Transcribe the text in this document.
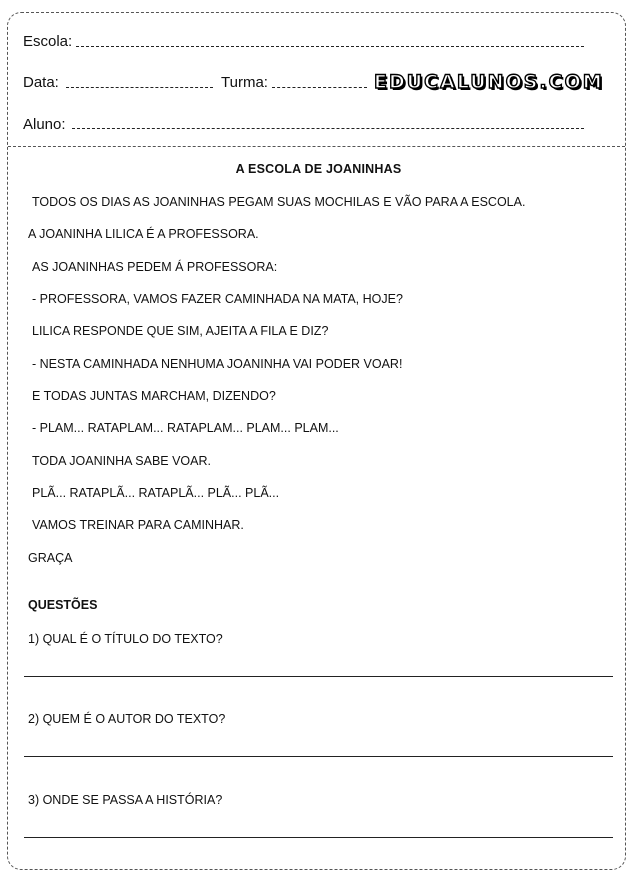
Escola:
Data:	Turma:	EDUCALUNOS.COM
Aluno:
A ESCOLA DE JOANINHAS
TODOS OS DIAS AS JOANINHAS PEGAM SUAS MOCHILAS E VÃO PARA A ESCOLA.
A JOANINHA LILICA É A PROFESSORA.
AS JOANINHAS PEDEM Á PROFESSORA:
- PROFESSORA, VAMOS FAZER CAMINHADA NA MATA, HOJE?
LILICA RESPONDE QUE SIM, AJEITA A FILA E DIZ?
- NESTA CAMINHADA NENHUMA JOANINHA VAI PODER VOAR!
E TODAS JUNTAS MARCHAM, DIZENDO?
- PLAM... RATAPLAM... RATAPLAM... PLAM... PLAM...
TODA JOANINHA SABE VOAR.
PLÃ... RATAPLÃ... RATAPLÃ... PLÃ... PLÃ...
VAMOS TREINAR PARA CAMINHAR.
GRAÇA
QUESTÕES
1) QUAL É O TÍTULO DO TEXTO?
2) QUEM É O AUTOR DO TEXTO?
3) ONDE SE PASSA A HISTÓRIA?
